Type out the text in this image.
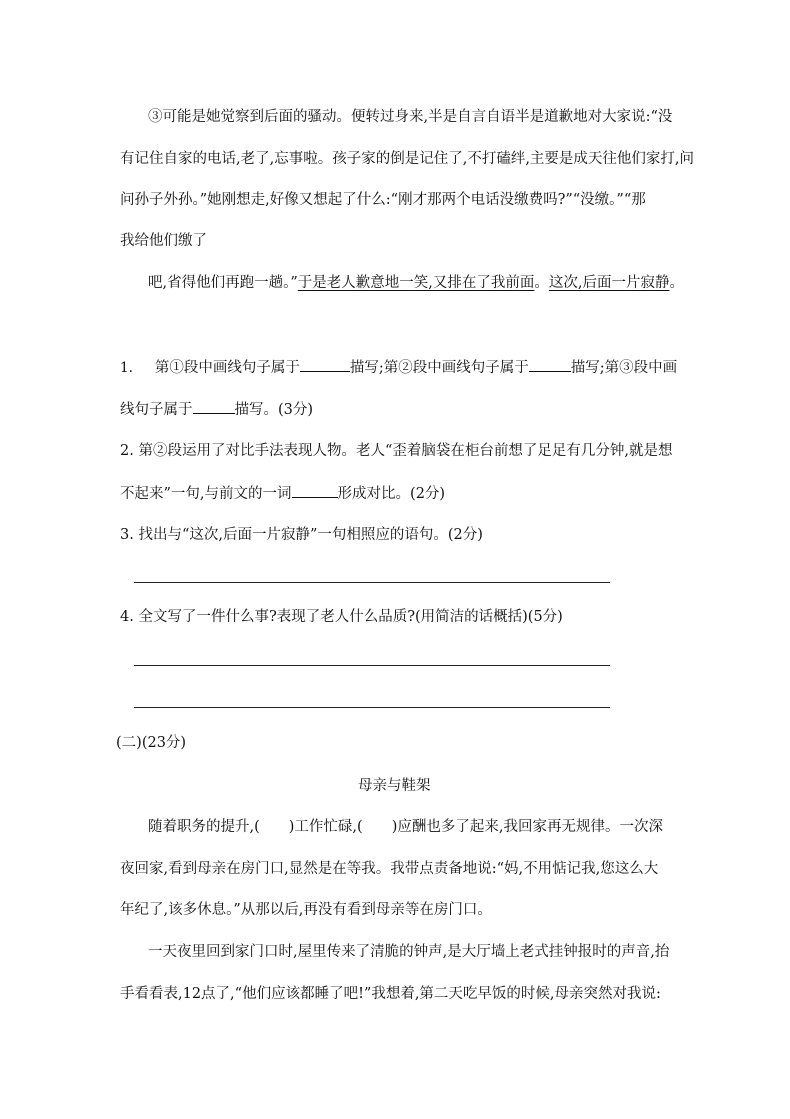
③可能是她觉察到后面的骚动。便转过身来,半是自言自语半是道歉地对大家说:“没
有记住自家的电话,老了,忘事啦。孩子家的倒是记住了,不打磕绊,主要是成天往他们家打,问
问孙子外孙。”她刚想走,好像又想起了什么:“刚才那两个电话没缴费吗?”“没缴。”“那
我给他们缴了
吧,省得他们再跑一趟。”于是老人歉意地一笑,又排在了我前面。这次,后面一片寂静。
1. 第①段中画线句子属于	描写;第②段中画线句子属于	描写;第③段中画
线句子属于	描写。(3分)
2. 第②段运用了对比手法表现人物。老人“歪着脑袋在柜台前想了足足有几分钟,就是想
不起来”一句,与前文的一词	形成对比。(2分)
3. 找出与“这次,后面一片寂静”一句相照应的语句。(2分)
4. 全文写了一件什么事?表现了老人什么品质?(用简洁的话概括)(5分)
(二)(23分)
母亲与鞋架
随着职务的提升,(　　)工作忙碌,(　　)应酬也多了起来,我回家再无规律。一次深
夜回家,看到母亲在房门口,显然是在等我。我带点责备地说:“妈,不用惦记我,您这么大
年纪了,该多休息。”从那以后,再没有看到母亲等在房门口。
一天夜里回到家门口时,屋里传来了清脆的钟声,是大厅墙上老式挂钟报时的声音,抬
手看看表,12点了,“他们应该都睡了吧!”我想着,第二天吃早饭的时候,母亲突然对我说:
